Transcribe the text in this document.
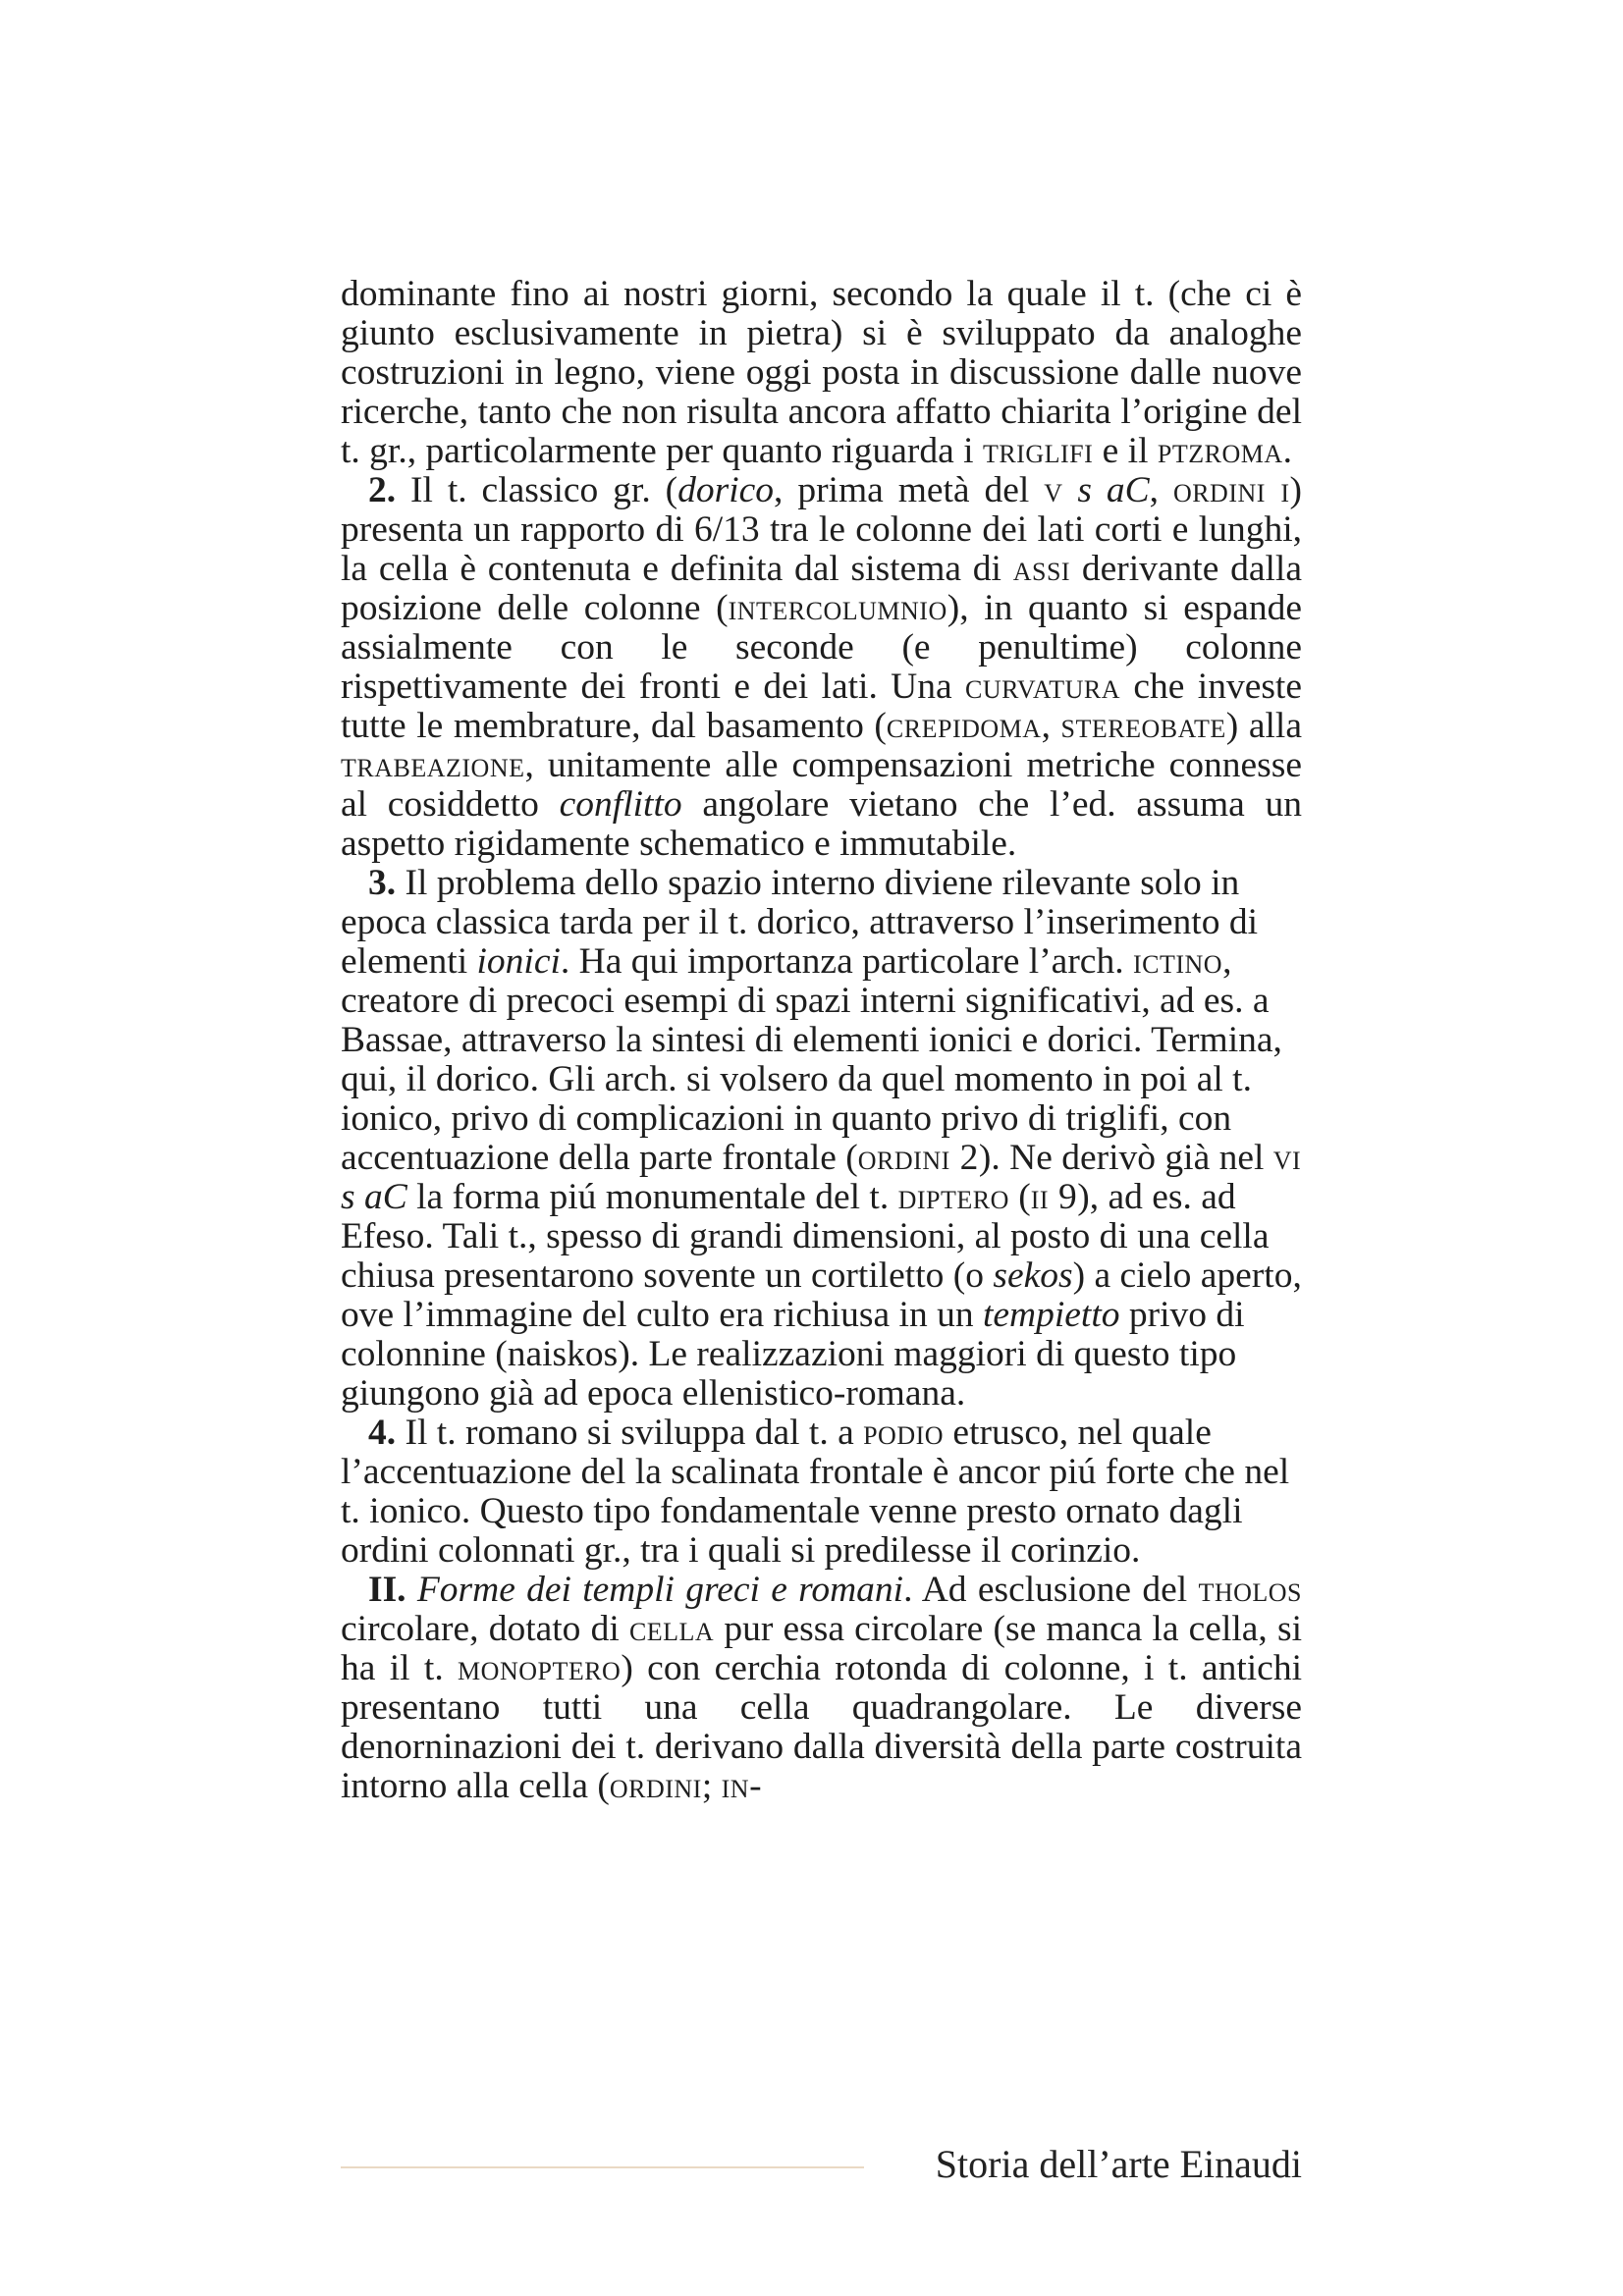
dominante fino ai nostri giorni, secondo la quale il t. (che ci è giunto esclusivamente in pietra) si è sviluppato da analoghe costruzioni in legno, viene oggi posta in discussione dalle nuove ricerche, tanto che non risulta ancora affatto chiarita l’origine del t. gr., particolarmente per quanto riguarda i triglifi e il ptzroma.

2. Il t. classico gr. (dorico, prima metà del v s aC, ordini i) presenta un rapporto di 6/13 tra le colonne dei lati corti e lunghi, la cella è contenuta e definita dal sistema di assi derivante dalla posizione delle colonne (intercolumnio), in quanto si espande assialmente con le seconde (e penultime) colonne rispettivamente dei fronti e dei lati. Una curvatura che investe tutte le membrature, dal basamento (crepidoma, stereobate) alla trabeazione, unitamente alle compensazioni metriche connesse al cosiddetto conflitto angolare vietano che l’ed. assuma un aspetto rigidamente schematico e immutabile.

3. Il problema dello spazio interno diviene rilevante solo in epoca classica tarda per il t. dorico, attraverso l’inserimento di elementi ionici. Ha qui importanza particolare l’arch. ictino, creatore di precoci esempi di spazi interni significativi, ad es. a Bassae, attraverso la sintesi di elementi ionici e dorici. Termina, qui, il dorico. Gli arch. si volsero da quel momento in poi al t. ionico, privo di complicazioni in quanto privo di triglifi, con accentuazione della parte frontale (ordini 2). Ne derivò già nel vi s aC la forma piú monumentale del t. diptero (ii 9), ad es. ad Efeso. Tali t., spesso di grandi dimensioni, al posto di una cella chiusa presentarono sovente un cortiletto (o sekos) a cielo aperto, ove l’immagine del culto era richiusa in un tempietto privo di colonnine (naiskos). Le realizzazioni maggiori di questo tipo giungono già ad epoca ellenistico-romana.

4. Il t. romano si sviluppa dal t. a podio etrusco, nel quale l’accentuazione del la scalinata frontale è ancor piú forte che nel t. ionico. Questo tipo fondamentale venne presto ornato dagli ordini colonnati gr., tra i quali si predilesse il corinzio.

II. Forme dei templi greci e romani. Ad esclusione del tholos circolare, dotato di cella pur essa circolare (se manca la cella, si ha il t. monoptero) con cerchia rotonda di colonne, i t. antichi presentano tutti una cella quadrangolare. Le diverse denorninazioni dei t. derivano dalla diversità della parte costruita intorno alla cella (ordini; in-

Storia dell’arte Einaudi
